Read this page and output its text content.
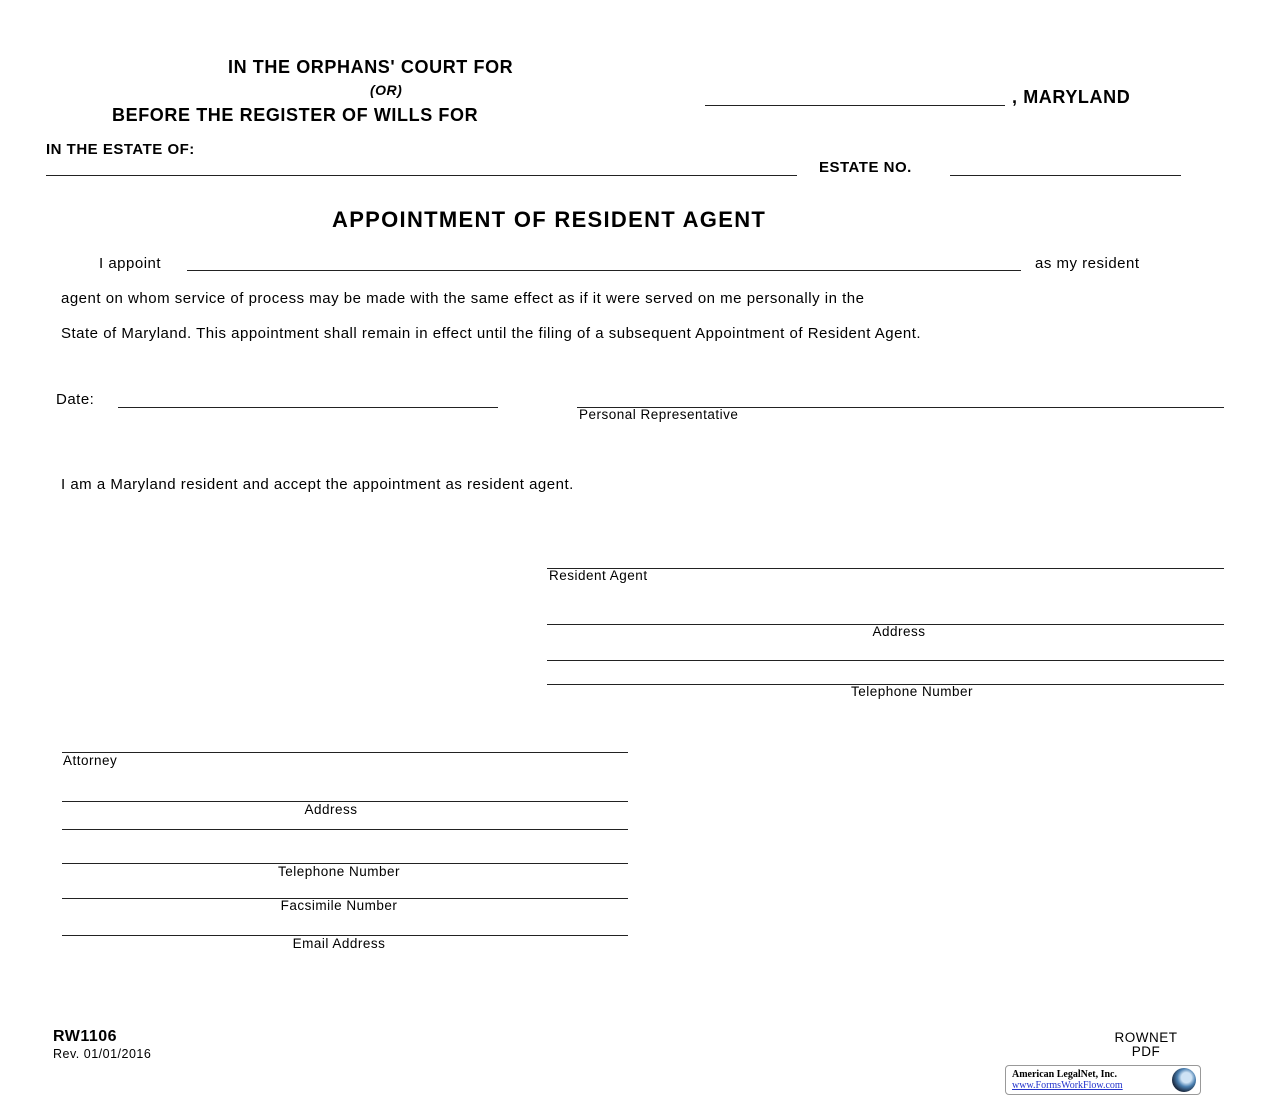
IN THE ORPHANS' COURT FOR
(OR)
BEFORE THE REGISTER OF WILLS FOR
, MARYLAND
IN THE ESTATE OF:
ESTATE NO.
APPOINTMENT OF RESIDENT AGENT
I appoint	as my resident
agent on whom service of process may be made with the same effect as if it were served on me personally in the
State of Maryland. This appointment shall remain in effect until the filing of a subsequent Appointment of Resident Agent.
Date:
Personal Representative
I am a Maryland resident and accept the appointment as resident agent.
Resident Agent
Address
Telephone Number
Attorney
Address
Telephone Number
Facsimile Number
Email Address
RW1106
Rev. 01/01/2016
ROWNET
PDF
American LegalNet, Inc.
www.FormsWorkFlow.com
